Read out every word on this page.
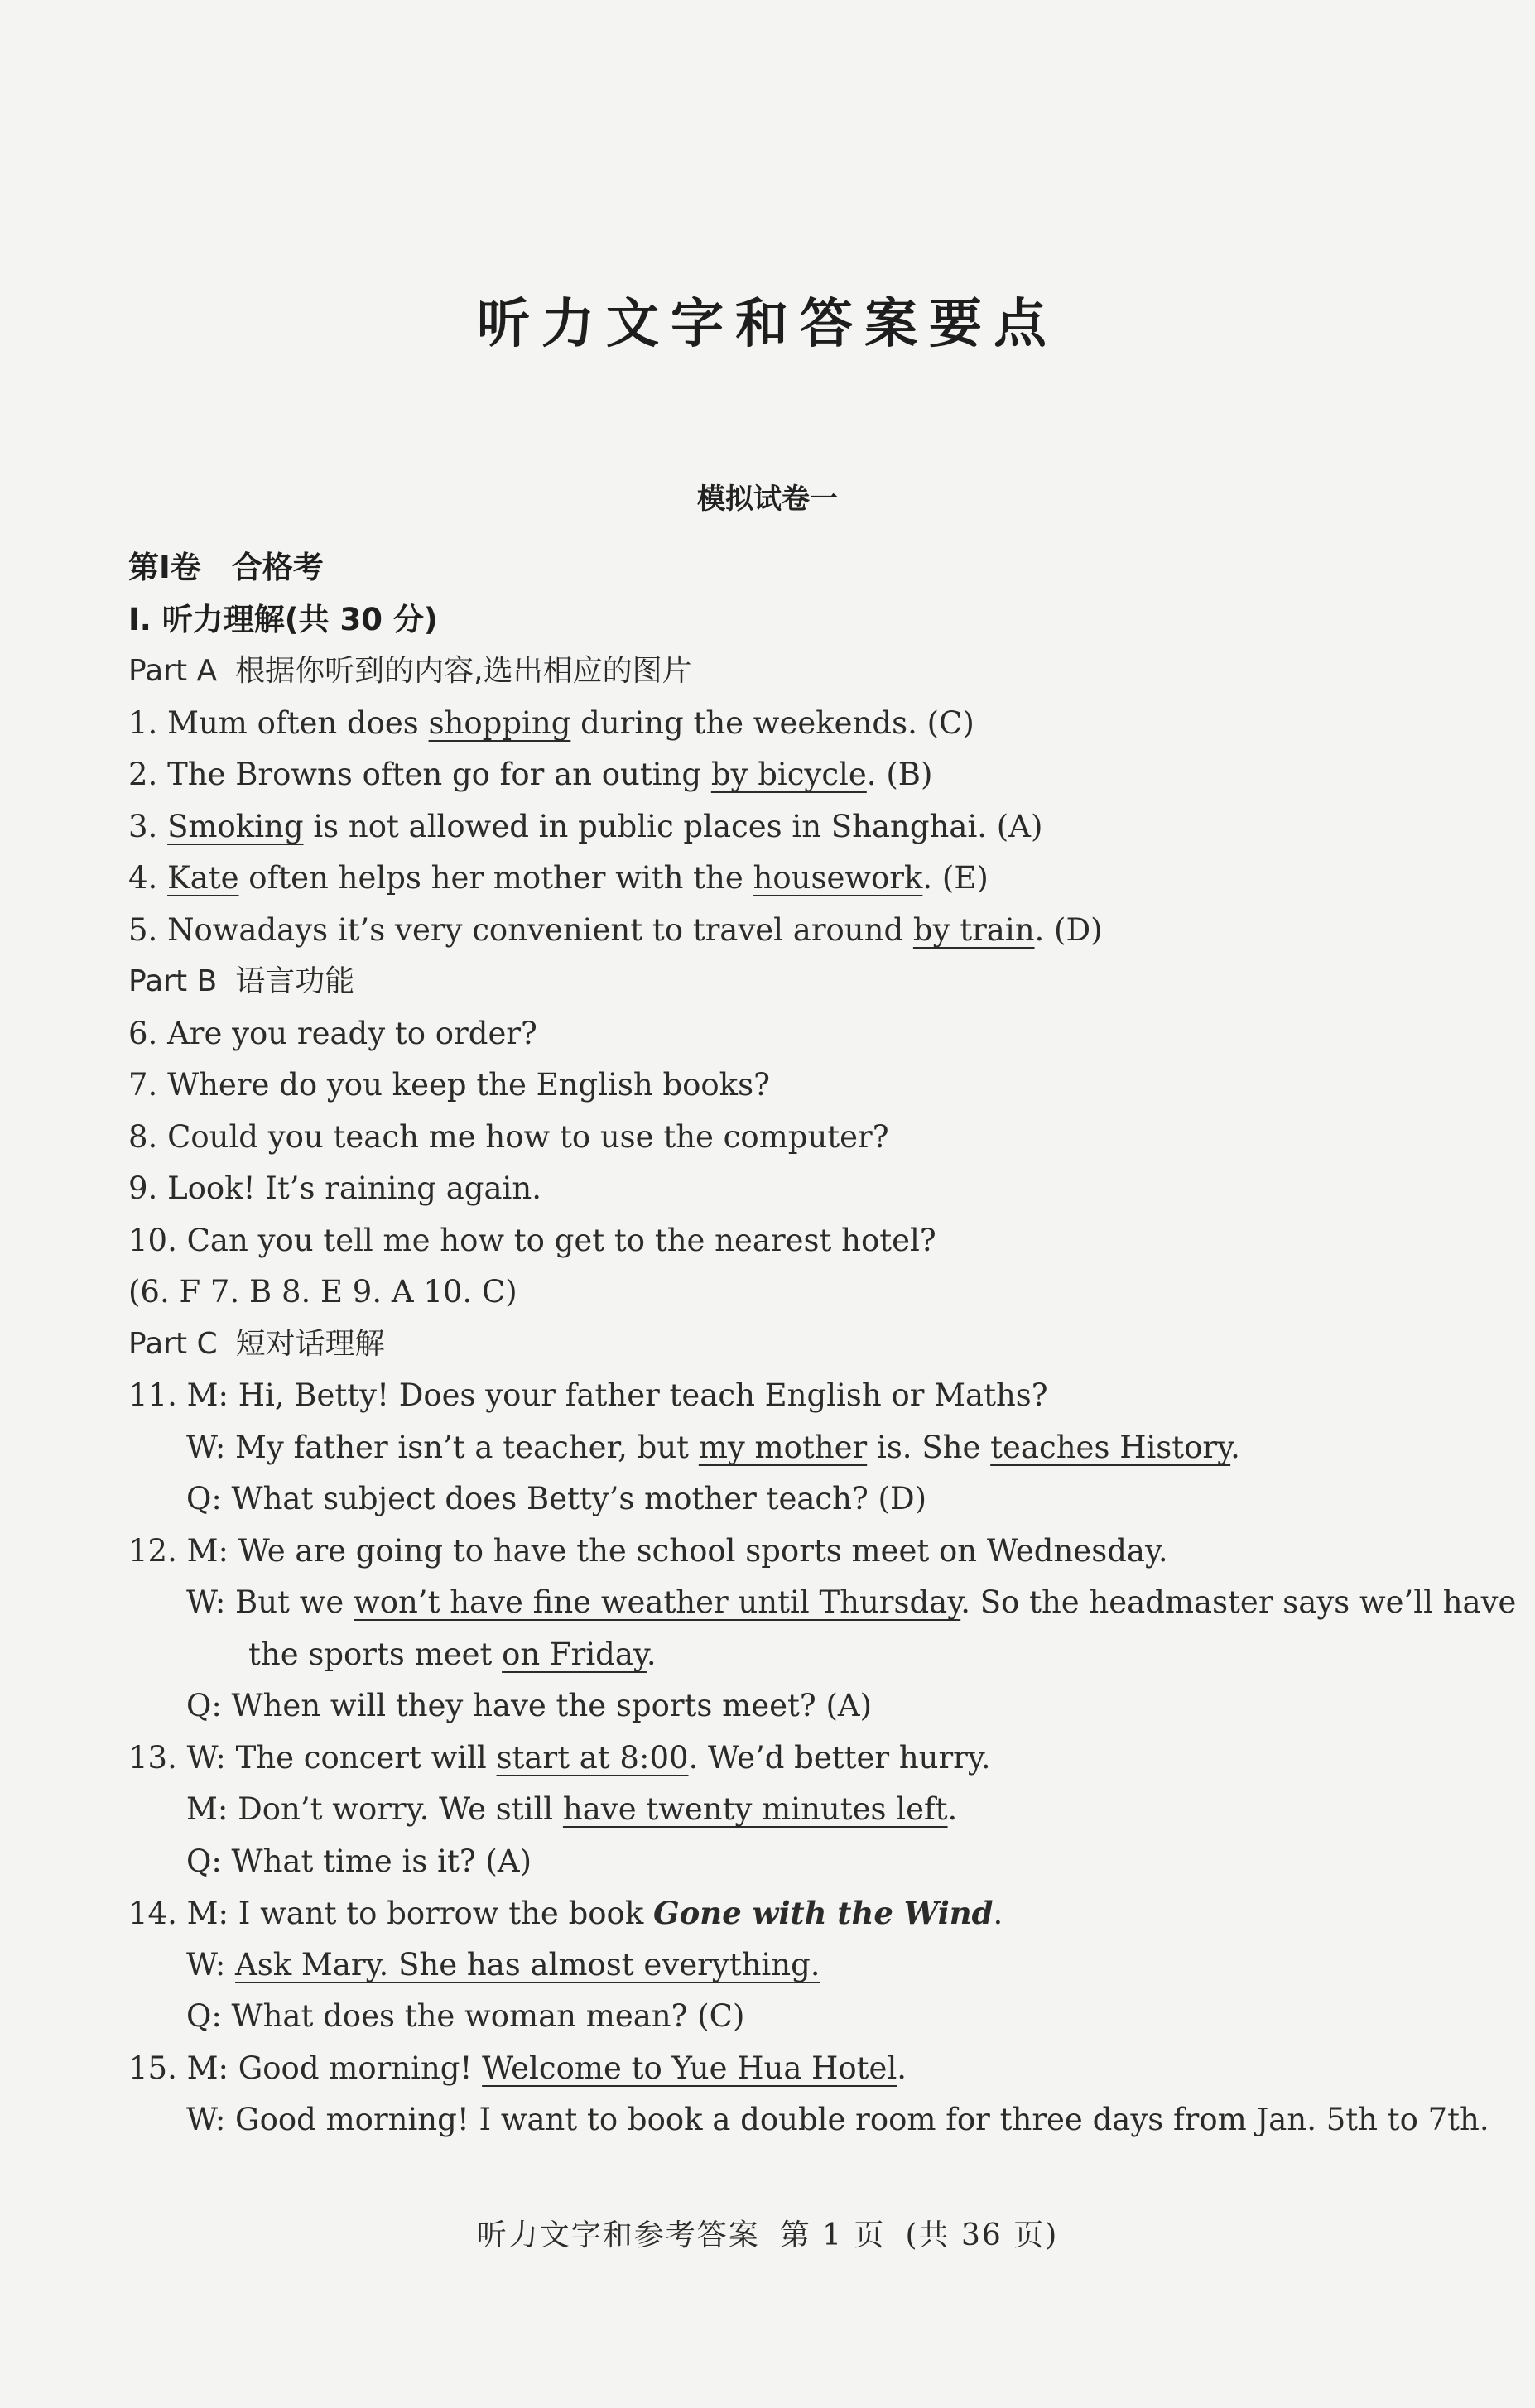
听力文字和答案要点
模拟试卷一
第Ⅰ卷　合格考
Ⅰ. 听力理解(共 30 分)
Part A 根据你听到的内容,选出相应的图片
1. Mum often does shopping during the weekends. (C)
2. The Browns often go for an outing by bicycle. (B)
3. Smoking is not allowed in public places in Shanghai. (A)
4. Kate often helps her mother with the housework. (E)
5. Nowadays it’s very convenient to travel around by train. (D)
Part B 语言功能
6. Are you ready to order?
7. Where do you keep the English books?
8. Could you teach me how to use the computer?
9. Look! It’s raining again.
10. Can you tell me how to get to the nearest hotel?
(6. F 7. B 8. E 9. A 10. C)
Part C 短对话理解
11. M: Hi, Betty! Does your father teach English or Maths?
W: My father isn’t a teacher, but my mother is. She teaches History.
Q: What subject does Betty’s mother teach? (D)
12. M: We are going to have the school sports meet on Wednesday.
W: But we won’t have fine weather until Thursday. So the headmaster says we’ll have
the sports meet on Friday.
Q: When will they have the sports meet? (A)
13. W: The concert will start at 8:00. We’d better hurry.
M: Don’t worry. We still have twenty minutes left.
Q: What time is it? (A)
14. M: I want to borrow the book Gone with the Wind.
W: Ask Mary. She has almost everything.
Q: What does the woman mean? (C)
15. M: Good morning! Welcome to Yue Hua Hotel.
W: Good morning! I want to book a double room for three days from Jan. 5th to 7th.
听力文字和参考答案 第 1 页 (共 36 页)
